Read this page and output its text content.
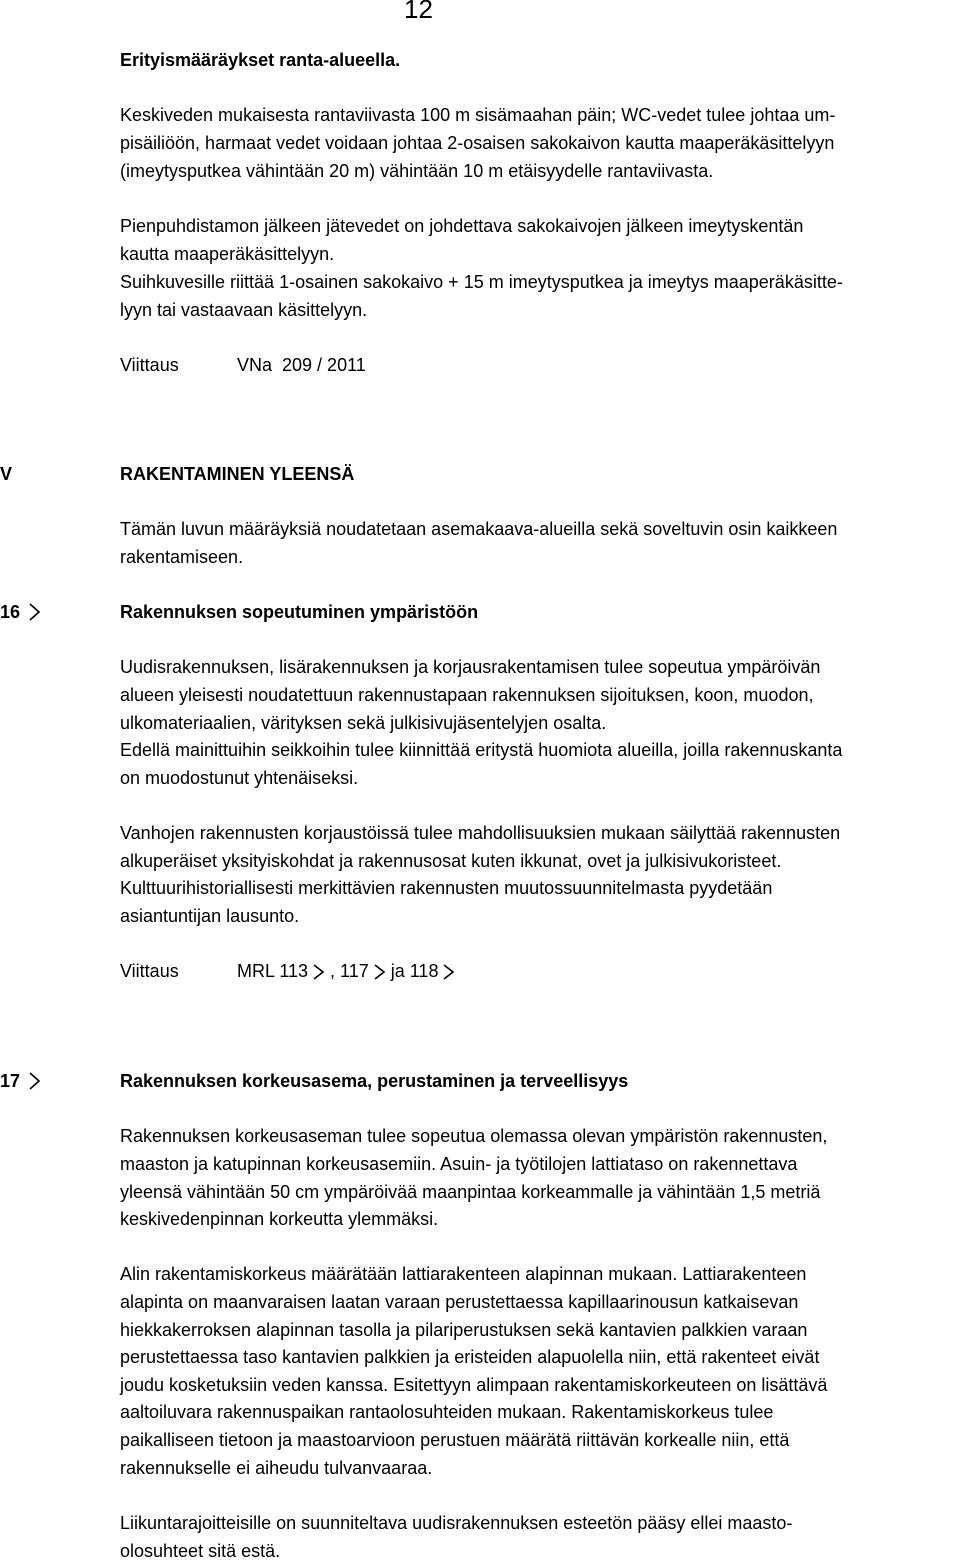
12
Erityismääräykset ranta-alueella.
Keskiveden mukaisesta rantaviivasta 100 m sisämaahan päin; WC-vedet tulee johtaa um-
pisäiliöön, harmaat vedet voidaan johtaa 2-osaisen sakokaivon kautta maaperäkäsittelyyn
(imeytysputkea vähintään 20 m) vähintään 10 m etäisyydelle rantaviivasta.
Pienpuhdistamon jälkeen jätevedet on johdettava sakokaivojen jälkeen imeytyskentän
kautta maaperäkäsittelyyn.
Suihkuvesille riittää 1-osainen sakokaivo + 15 m imeytysputkea ja imeytys maaperäkäsitte-
lyyn tai vastaavaan käsittelyyn.
Viittaus	VNa  209 / 2011
V	RAKENTAMINEN YLEENSÄ
Tämän luvun määräyksiä noudatetaan asemakaava-alueilla sekä soveltuvin osin kaikkeen
rakentamiseen.
16	Rakennuksen sopeutuminen ympäristöön
Uudisrakennuksen, lisärakennuksen ja korjausrakentamisen tulee sopeutua ympäröivän
alueen yleisesti noudatettuun rakennustapaan rakennuksen sijoituksen, koon, muodon,
ulkomateriaalien, värityksen sekä julkisivujäsentelyjen osalta.
Edellä mainittuihin seikkoihin tulee kiinnittää eritystä huomiota alueilla, joilla rakennuskanta
on muodostunut yhtenäiseksi.
Vanhojen rakennusten korjaustöissä tulee mahdollisuuksien mukaan säilyttää rakennusten
alkuperäiset yksityiskohdat ja rakennusosat kuten ikkunat, ovet ja julkisivukoristeet.
Kulttuurihistoriallisesti merkittävien rakennusten muutossuunnitelmasta pyydetään
asiantuntijan lausunto.
Viittaus	MRL 113 , 117 ja 118
17	Rakennuksen korkeusasema, perustaminen ja terveellisyys
Rakennuksen korkeusaseman tulee sopeutua olemassa olevan ympäristön rakennusten,
maaston ja katupinnan korkeusasemiin. Asuin- ja työtilojen lattiataso on rakennettava
yleensä vähintään 50 cm ympäröivää maanpintaa korkeammalle ja vähintään 1,5 metriä
keskivedenpinnan korkeutta ylemmäksi.
Alin rakentamiskorkeus määrätään lattiarakenteen alapinnan mukaan. Lattiarakenteen
alapinta on maanvaraisen laatan varaan perustettaessa kapillaarinousun katkaisevan
hiekkakerroksen alapinnan tasolla ja pilariperustuksen sekä kantavien palkkien varaan
perustettaessa taso kantavien palkkien ja eristeiden alapuolella niin, että rakenteet eivät
joudu kosketuksiin veden kanssa. Esitettyyn alimpaan rakentamiskorkeuteen on lisättävä
aaltoiluvara rakennuspaikan rantaolosuhteiden mukaan. Rakentamiskorkeus tulee
paikalliseen tietoon ja maastoarvioon perustuen määrätä riittävän korkealle niin, että
rakennukselle ei aiheudu tulvanvaaraa.
Liikuntarajoitteisille on suunniteltava uudisrakennuksen esteetön pääsy ellei maasto-
olosuhteet sitä estä.
